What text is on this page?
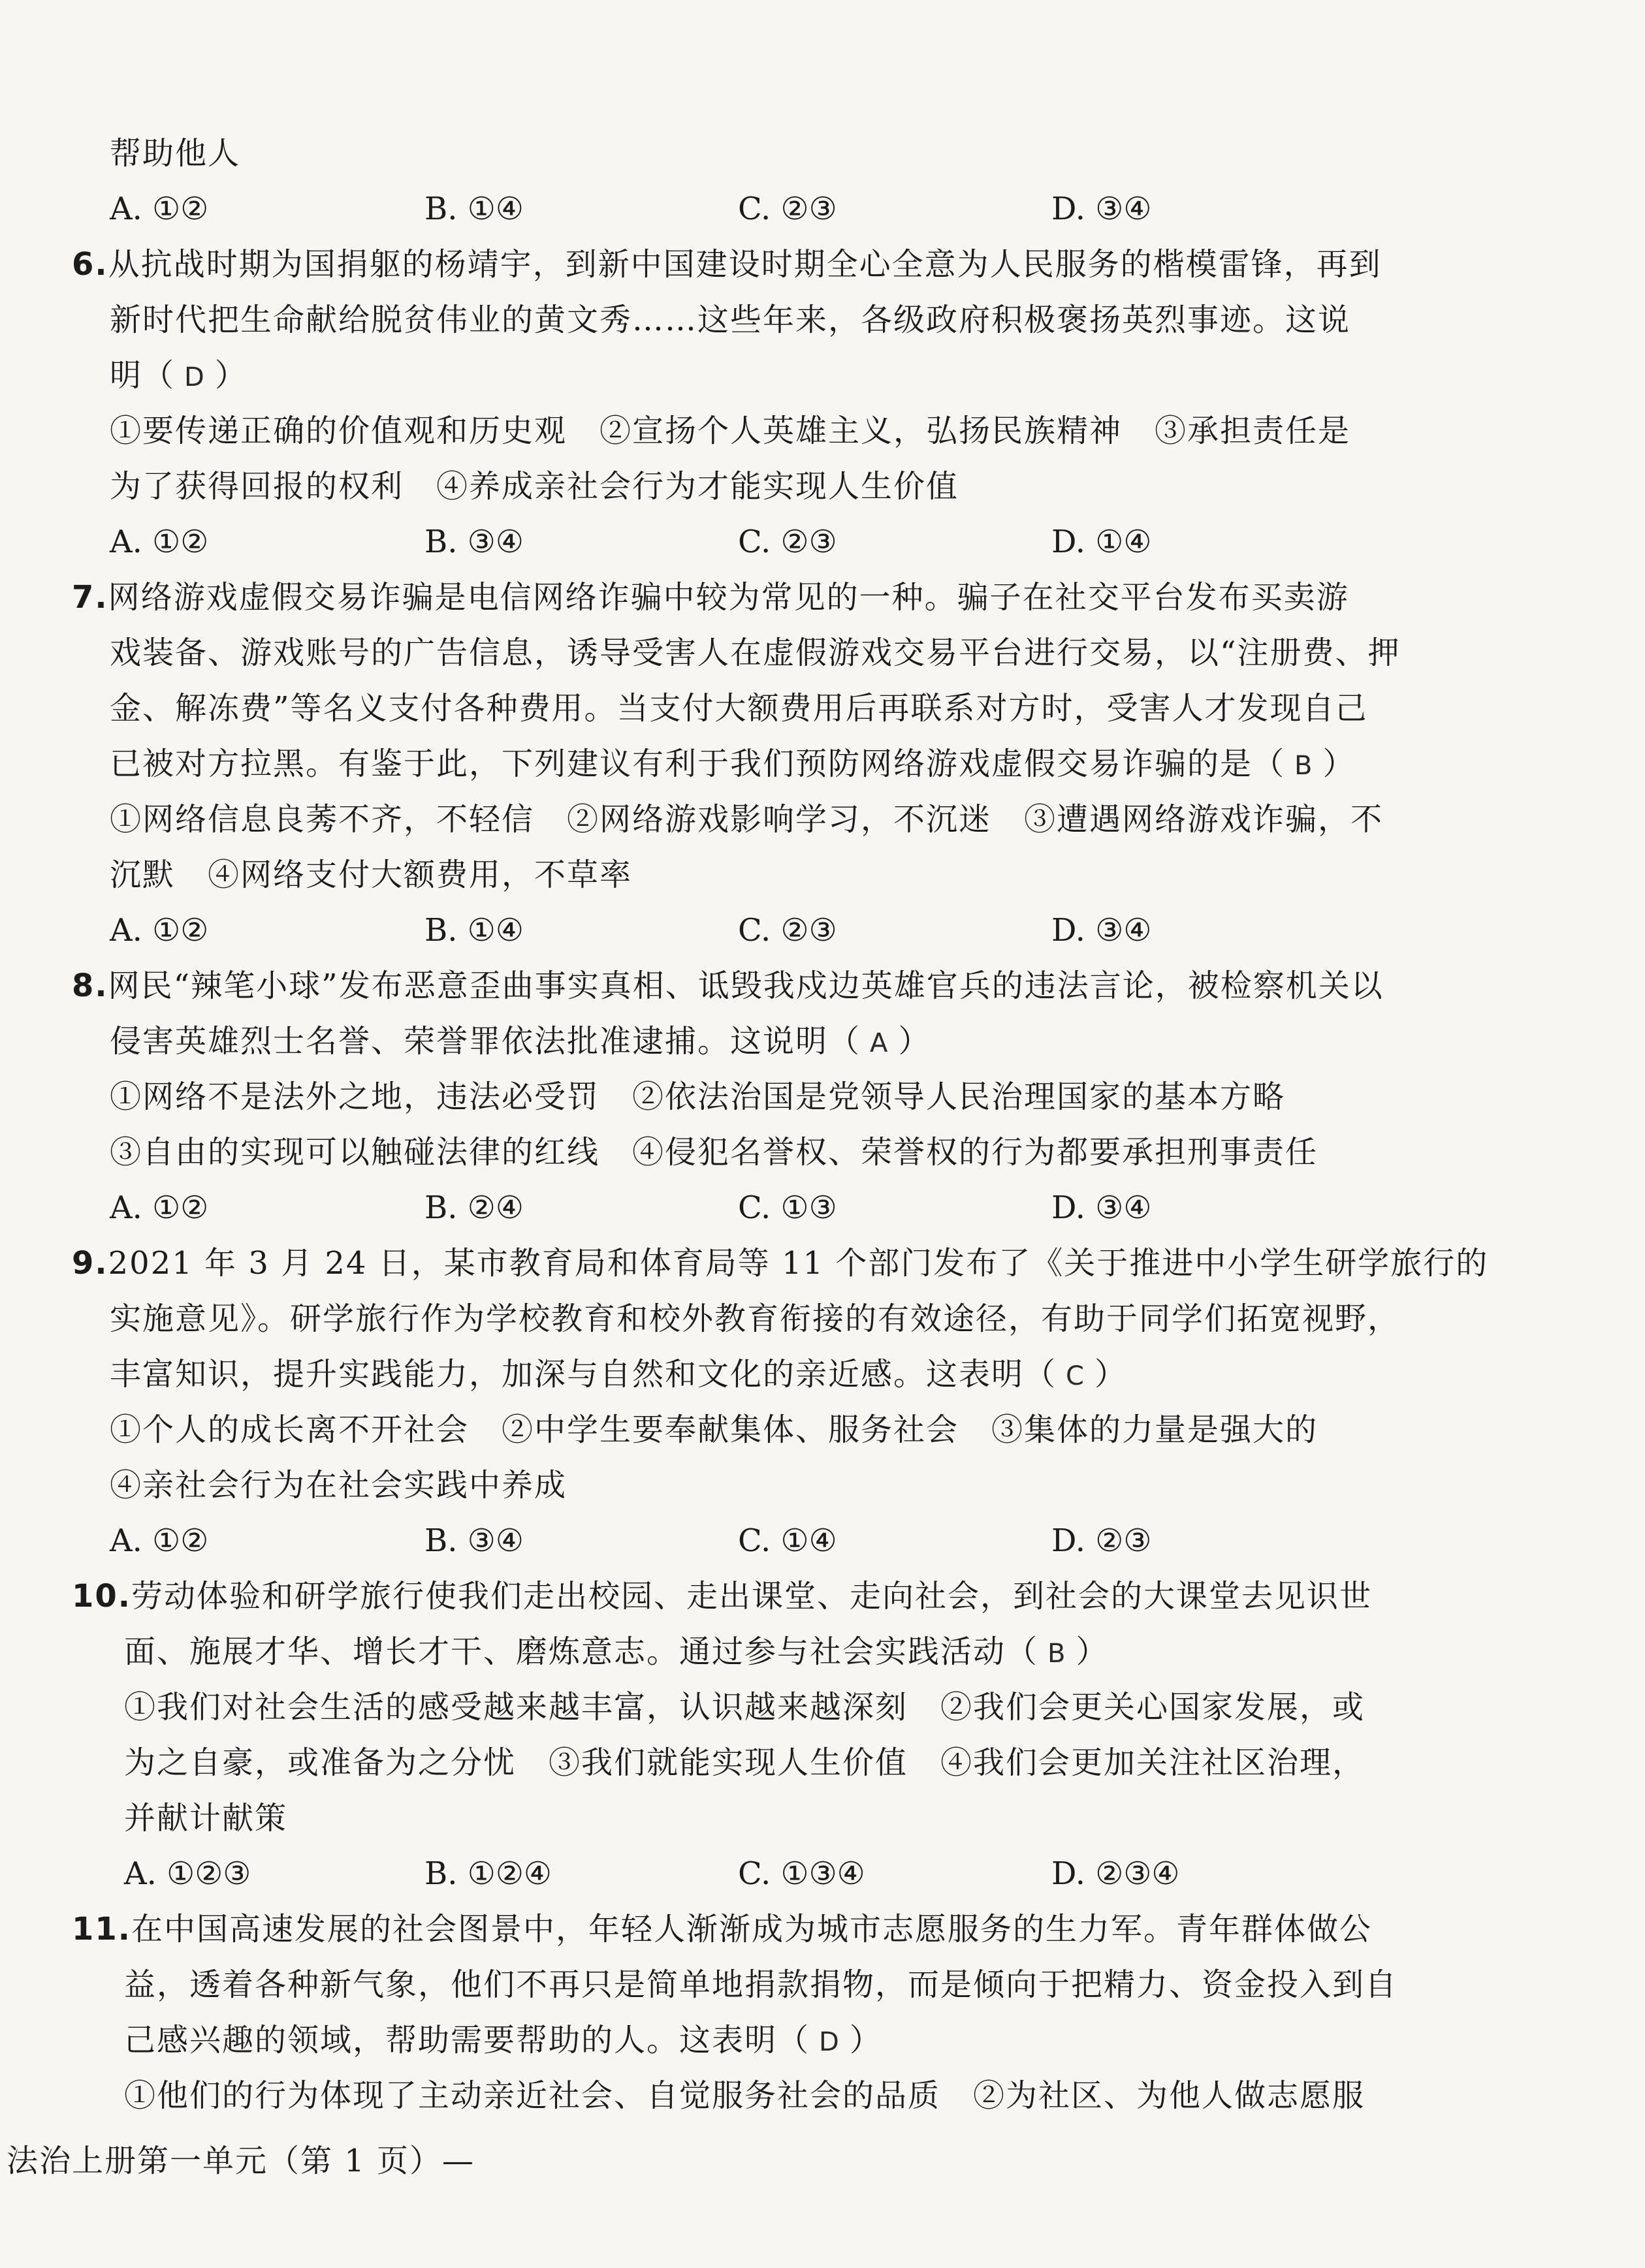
帮助他人
A. ①②	B. ①④	C. ②③	D. ③④
6.从抗战时期为国捐躯的杨靖宇，到新中国建设时期全心全意为人民服务的楷模雷锋，再到
新时代把生命献给脱贫伟业的黄文秀……这些年来，各级政府积极褒扬英烈事迹。这说
明（ D ）
①要传递正确的价值观和历史观　②宣扬个人英雄主义，弘扬民族精神　③承担责任是
为了获得回报的权利　④养成亲社会行为才能实现人生价值
A. ①②	B. ③④	C. ②③	D. ①④
7.网络游戏虚假交易诈骗是电信网络诈骗中较为常见的一种。骗子在社交平台发布买卖游
戏装备、游戏账号的广告信息，诱导受害人在虚假游戏交易平台进行交易，以“注册费、押
金、解冻费”等名义支付各种费用。当支付大额费用后再联系对方时，受害人才发现自己
已被对方拉黑。有鉴于此，下列建议有利于我们预防网络游戏虚假交易诈骗的是（ B ）
①网络信息良莠不齐，不轻信　②网络游戏影响学习，不沉迷　③遭遇网络游戏诈骗，不
沉默　④网络支付大额费用，不草率
A. ①②	B. ①④	C. ②③	D. ③④
8.网民“辣笔小球”发布恶意歪曲事实真相、诋毁我戍边英雄官兵的违法言论，被检察机关以
侵害英雄烈士名誉、荣誉罪依法批准逮捕。这说明（ A ）
①网络不是法外之地，违法必受罚　②依法治国是党领导人民治理国家的基本方略
③自由的实现可以触碰法律的红线　④侵犯名誉权、荣誉权的行为都要承担刑事责任
A. ①②	B. ②④	C. ①③	D. ③④
9.2021 年 3 月 24 日，某市教育局和体育局等 11 个部门发布了《关于推进中小学生研学旅行的
实施意见》。研学旅行作为学校教育和校外教育衔接的有效途径，有助于同学们拓宽视野，
丰富知识，提升实践能力，加深与自然和文化的亲近感。这表明（ C ）
①个人的成长离不开社会　②中学生要奉献集体、服务社会　③集体的力量是强大的
④亲社会行为在社会实践中养成
A. ①②	B. ③④	C. ①④	D. ②③
10.劳动体验和研学旅行使我们走出校园、走出课堂、走向社会，到社会的大课堂去见识世
面、施展才华、增长才干、磨炼意志。通过参与社会实践活动（ B ）
①我们对社会生活的感受越来越丰富，认识越来越深刻　②我们会更关心国家发展，或
为之自豪，或准备为之分忧　③我们就能实现人生价值　④我们会更加关注社区治理，
并献计献策
A. ①②③	B. ①②④	C. ①③④	D. ②③④
11.在中国高速发展的社会图景中，年轻人渐渐成为城市志愿服务的生力军。青年群体做公
益，透着各种新气象，他们不再只是简单地捐款捐物，而是倾向于把精力、资金投入到自
己感兴趣的领域，帮助需要帮助的人。这表明（ D ）
①他们的行为体现了主动亲近社会、自觉服务社会的品质　②为社区、为他人做志愿服
法治上册第一单元（第 1 页）—
